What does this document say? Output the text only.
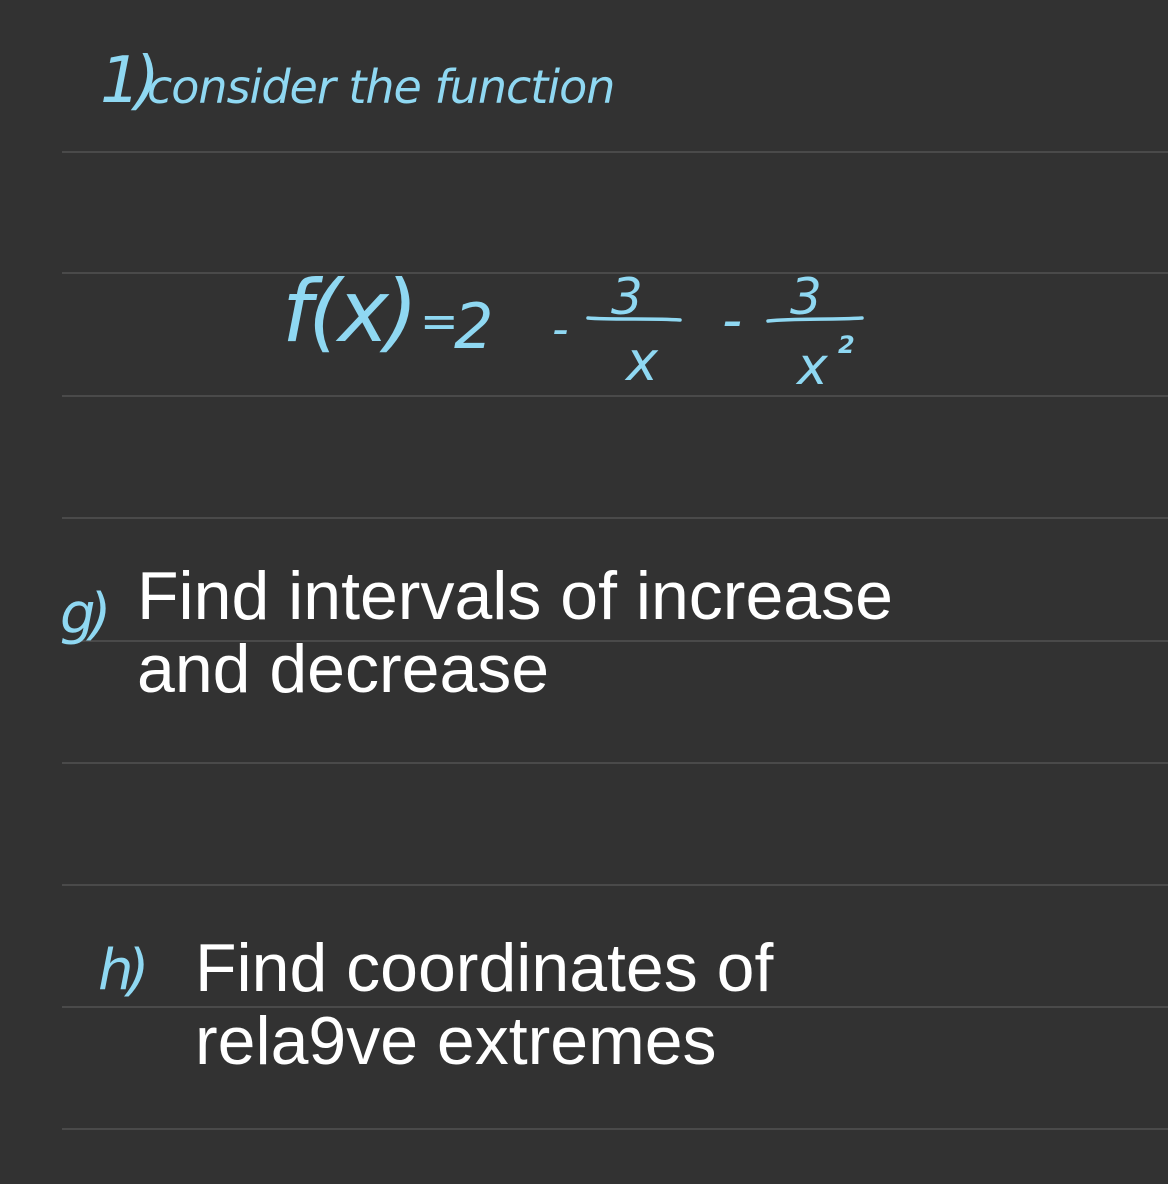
1)
consider the function
f(x) =
2 -
3
x
- 3
x 2
g) Find intervals of increase
and decrease
h) Find coordinates of
rela9ve extremes
